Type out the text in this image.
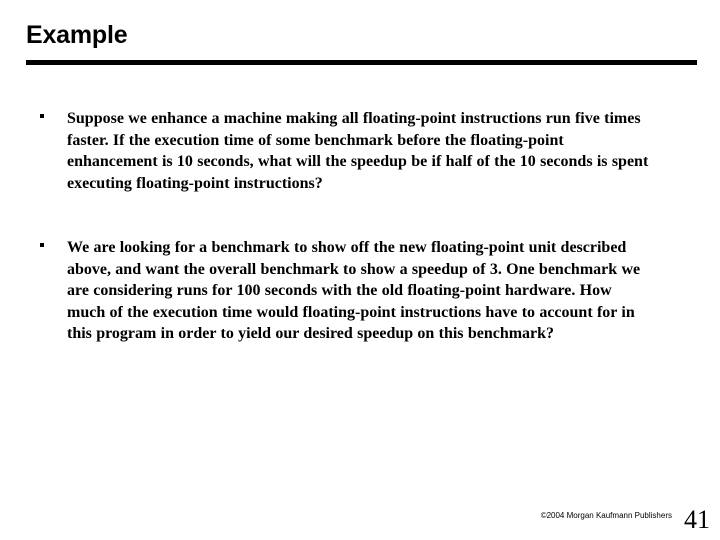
Example

Suppose we enhance a machine making all floating-point instructions run five times faster. If the execution time of some benchmark before the floating-point enhancement is 10 seconds, what will the speedup be if half of the 10 seconds is spent executing floating-point instructions?

We are looking for a benchmark to show off the new floating-point unit described above, and want the overall benchmark to show a speedup of 3. One benchmark we are considering runs for 100 seconds with the old floating-point hardware. How much of the execution time would floating-point instructions have to account for in this program in order to yield our desired speedup on this benchmark?

©2004 Morgan Kaufmann Publishers 41
